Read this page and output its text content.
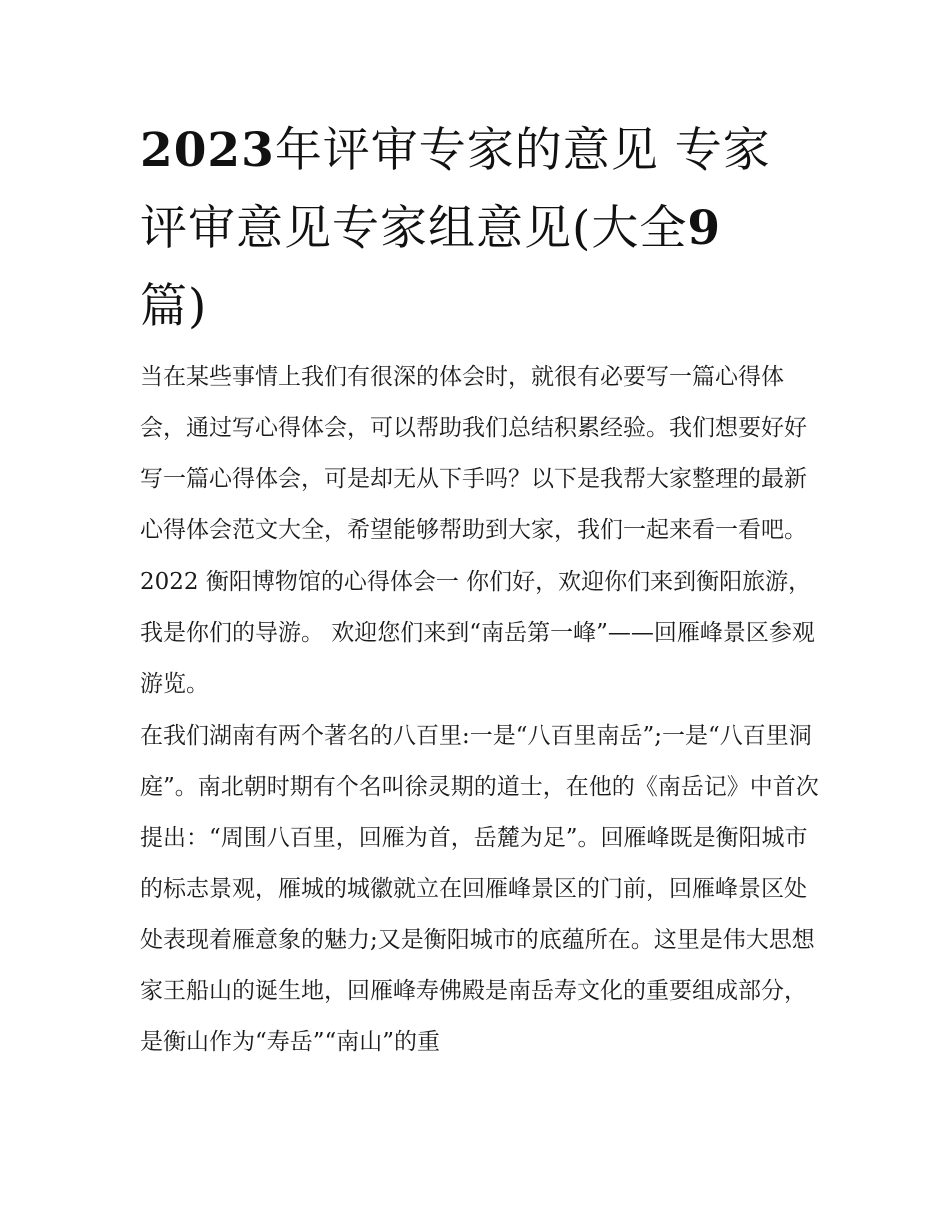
2023年评审专家的意见 专家
评审意见专家组意见(大全9
篇)

当在某些事情上我们有很深的体会时，就很有必要写一篇心得体会，通过写心得体会，可以帮助我们总结积累经验。我们想要好好写一篇心得体会，可是却无从下手吗？以下是我帮大家整理的最新心得体会范文大全，希望能够帮助到大家，我们一起来看一看吧。

2022 衡阳博物馆的心得体会一 你们好，欢迎你们来到衡阳旅游，我是你们的导游。 欢迎您们来到“南岳第一峰”——回雁峰景区参观游览。

在我们湖南有两个著名的八百里:一是“八百里南岳”;一是“八百里洞庭”。南北朝时期有个名叫徐灵期的道士，在他的《南岳记》中首次提出：“周围八百里，回雁为首，岳麓为足”。回雁峰既是衡阳城市的标志景观，雁城的城徽就立在回雁峰景区的门前，回雁峰景区处处表现着雁意象的魅力;又是衡阳城市的底蕴所在。这里是伟大思想家王船山的诞生地，回雁峰寿佛殿是南岳寿文化的重要组成部分，是衡山作为“寿岳”“南山”的重
